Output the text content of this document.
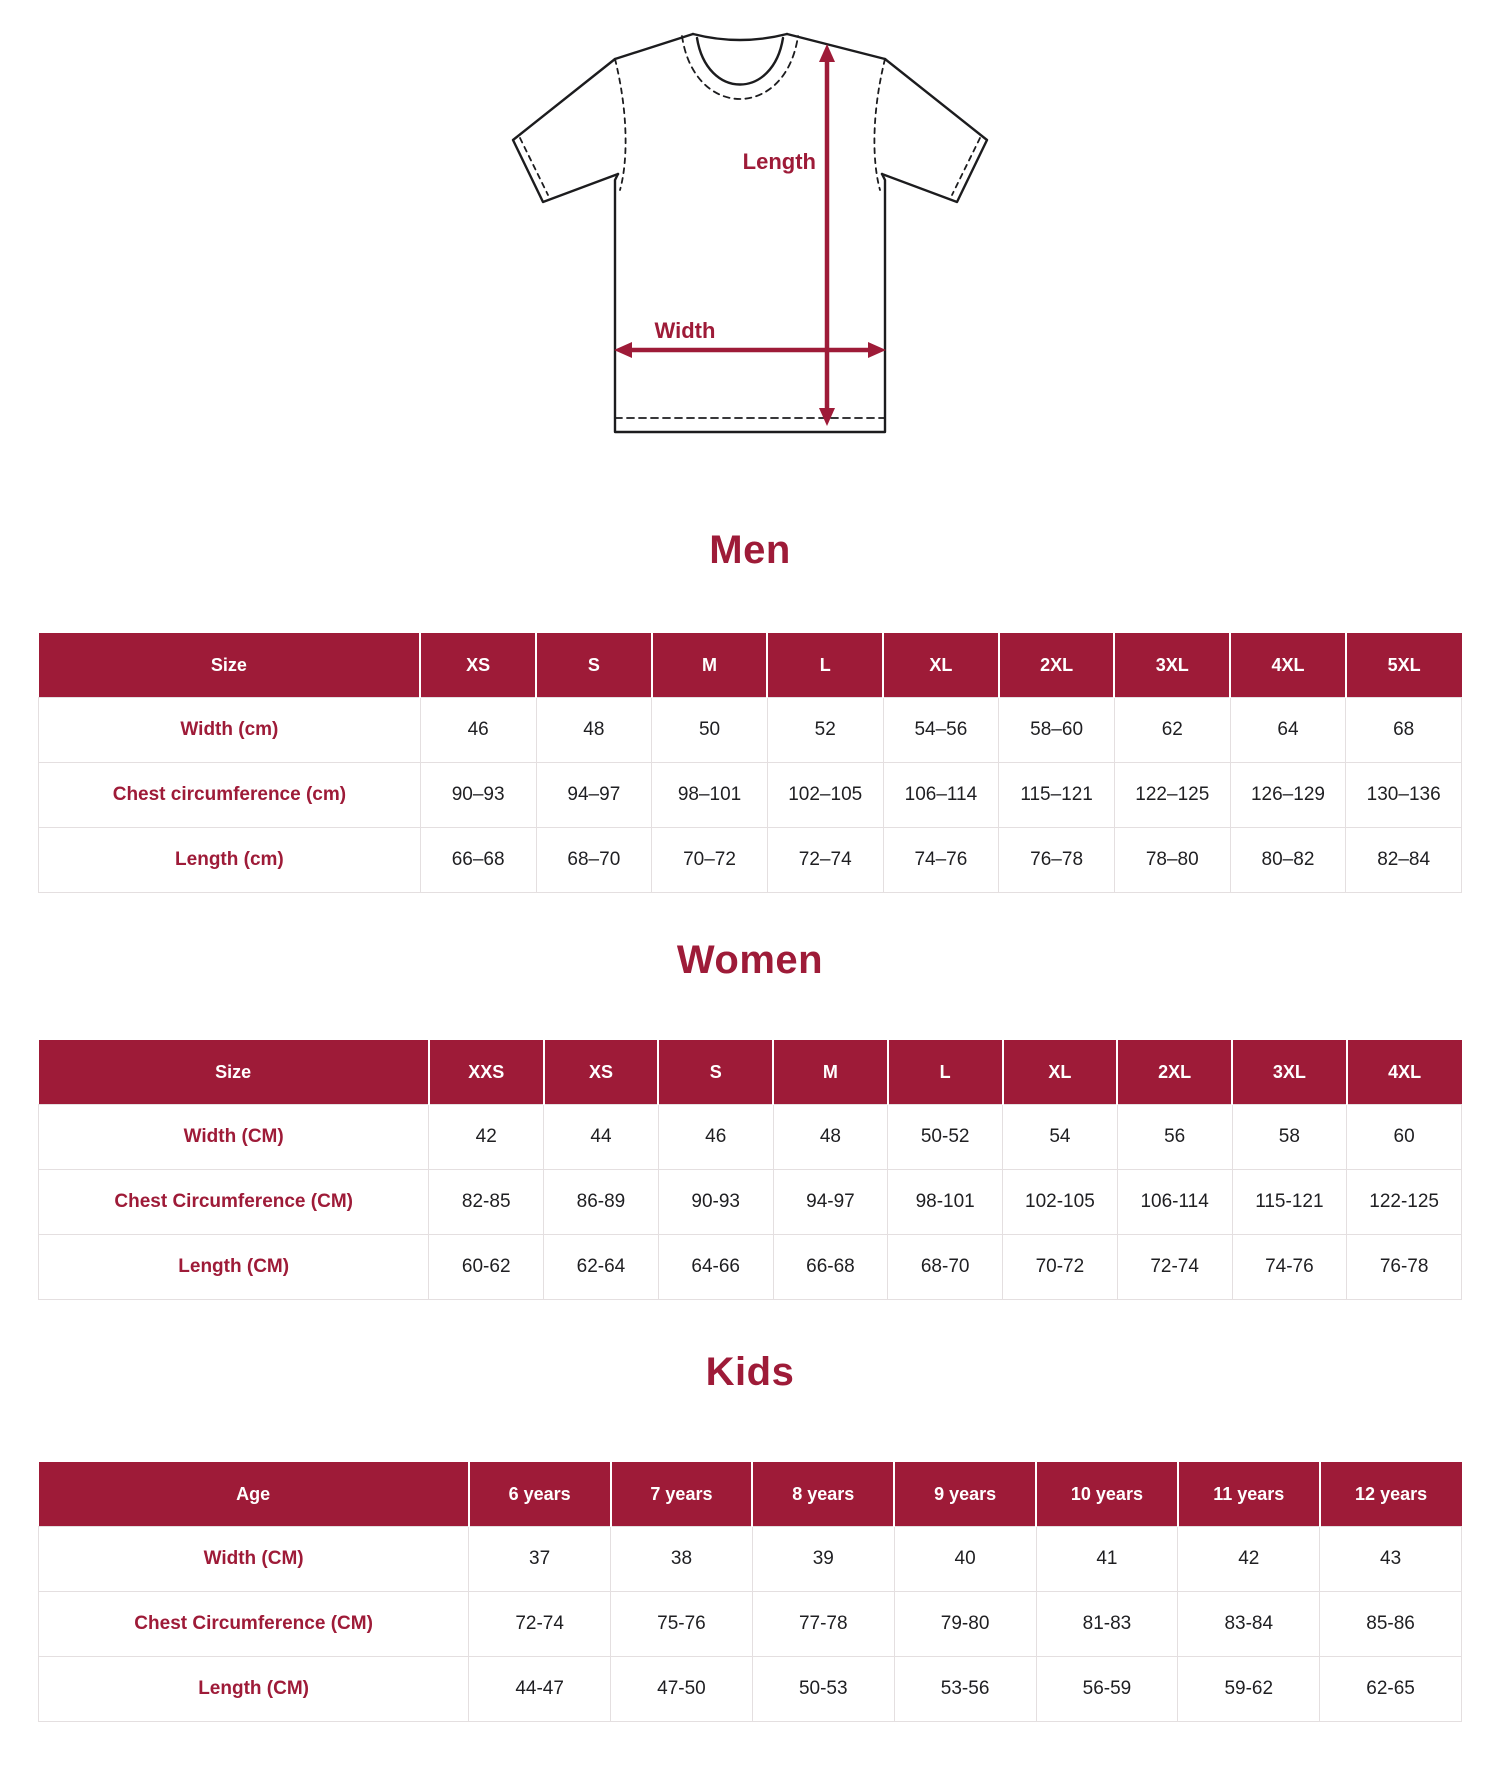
Length
Width
Men
Size	XS	S	M	L	XL	2XL	3XL	4XL	5XL
Width (cm)	46	48	50	52	54–56	58–60	62	64	68
Chest circumference (cm)	90–93	94–97	98–101	102–105	106–114	115–121	122–125	126–129	130–136
Length (cm)	66–68	68–70	70–72	72–74	74–76	76–78	78–80	80–82	82–84
Women
Size	XXS	XS	S	M	L	XL	2XL	3XL	4XL
Width (CM)	42	44	46	48	50-52	54	56	58	60
Chest Circumference (CM)	82-85	86-89	90-93	94-97	98-101	102-105	106-114	115-121	122-125
Length (CM)	60-62	62-64	64-66	66-68	68-70	70-72	72-74	74-76	76-78
Kids
Age	6 years	7 years	8 years	9 years	10 years	11 years	12 years
Width (CM)	37	38	39	40	41	42	43
Chest Circumference (CM)	72-74	75-76	77-78	79-80	81-83	83-84	85-86
Length (CM)	44-47	47-50	50-53	53-56	56-59	59-62	62-65
